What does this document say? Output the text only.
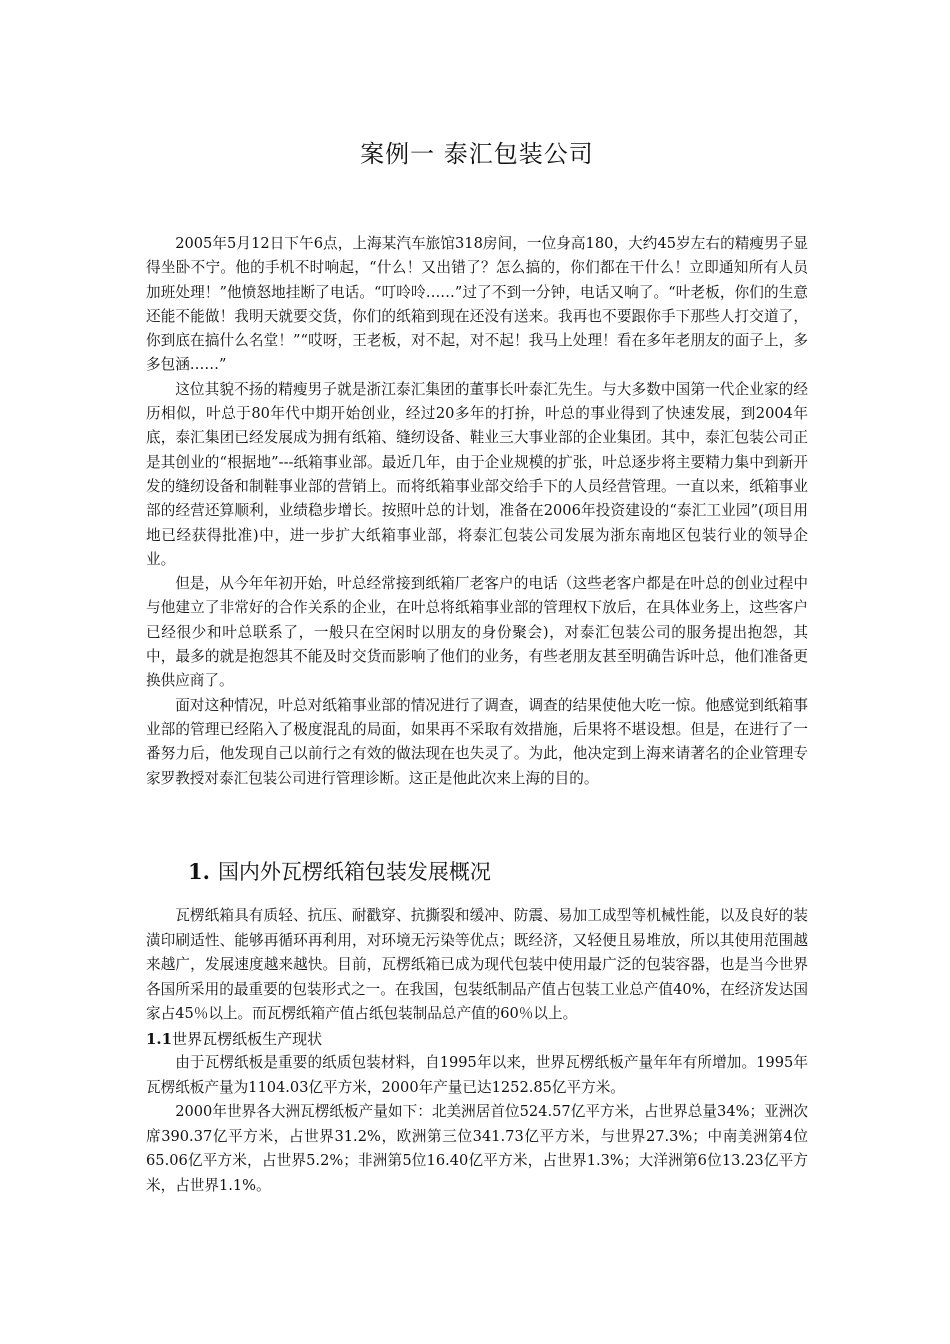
案例一 泰汇包装公司

2005年5月12日下午6点，上海某汽车旅馆318房间，一位身高180，大约45岁左右的精瘦男子显得坐卧不宁。他的手机不时响起，“什么！又出错了？怎么搞的，你们都在干什么！立即通知所有人员加班处理！”他愤怒地挂断了电话。“叮呤呤……”过了不到一分钟，电话又响了。“叶老板，你们的生意还能不能做！我明天就要交货，你们的纸箱到现在还没有送来。我再也不要跟你手下那些人打交道了，你到底在搞什么名堂！”“哎呀，王老板，对不起，对不起！我马上处理！看在多年老朋友的面子上，多多包涵……”

这位其貌不扬的精瘦男子就是浙江泰汇集团的董事长叶泰汇先生。与大多数中国第一代企业家的经历相似，叶总于80年代中期开始创业，经过20多年的打拚，叶总的事业得到了快速发展，到2004年底，泰汇集团已经发展成为拥有纸箱、缝纫设备、鞋业三大事业部的企业集团。其中，泰汇包装公司正是其创业的“根据地”---纸箱事业部。最近几年，由于企业规模的扩张，叶总逐步将主要精力集中到新开发的缝纫设备和制鞋事业部的营销上。而将纸箱事业部交给手下的人员经营管理。一直以来，纸箱事业部的经营还算顺利，业绩稳步增长。按照叶总的计划，准备在2006年投资建设的“泰汇工业园”(项目用地已经获得批准)中，进一步扩大纸箱事业部，将泰汇包装公司发展为浙东南地区包装行业的领导企业。

但是，从今年年初开始，叶总经常接到纸箱厂老客户的电话（这些老客户都是在叶总的创业过程中与他建立了非常好的合作关系的企业，在叶总将纸箱事业部的管理权下放后，在具体业务上，这些客户已经很少和叶总联系了，一般只在空闲时以朋友的身份聚会)，对泰汇包装公司的服务提出抱怨，其中，最多的就是抱怨其不能及时交货而影响了他们的业务，有些老朋友甚至明确告诉叶总，他们准备更换供应商了。

面对这种情况，叶总对纸箱事业部的情况进行了调查，调查的结果使他大吃一惊。他感觉到纸箱事业部的管理已经陷入了极度混乱的局面，如果再不采取有效措施，后果将不堪设想。但是，在进行了一番努力后，他发现自己以前行之有效的做法现在也失灵了。为此，他决定到上海来请著名的企业管理专家罗教授对泰汇包装公司进行管理诊断。这正是他此次来上海的目的。

1. 国内外瓦楞纸箱包装发展概况

瓦楞纸箱具有质轻、抗压、耐戳穿、抗撕裂和缓冲、防震、易加工成型等机械性能，以及良好的装潢印刷适性、能够再循环再利用，对环境无污染等优点；既经济，又轻便且易堆放，所以其使用范围越来越广，发展速度越来越快。目前，瓦楞纸箱已成为现代包装中使用最广泛的包装容器，也是当今世界各国所采用的最重要的包装形式之一。在我国，包装纸制品产值占包装工业总产值40%，在经济发达国家占45％以上。而瓦楞纸箱产值占纸包装制品总产值的60％以上。

1.1世界瓦楞纸板生产现状

由于瓦楞纸板是重要的纸质包装材料，自1995年以来，世界瓦楞纸板产量年年有所增加。1995年瓦楞纸板产量为1104.03亿平方米，2000年产量已达1252.85亿平方米。

2000年世界各大洲瓦楞纸板产量如下：北美洲居首位524.57亿平方米，占世界总量34%；亚洲次席390.37亿平方米，占世界31.2%，欧洲第三位341.73亿平方米，与世界27.3%；中南美洲第4位65.06亿平方米，占世界5.2%；非洲第5位16.40亿平方米，占世界1.3%；大洋洲第6位13.23亿平方米，占世界1.1%。
